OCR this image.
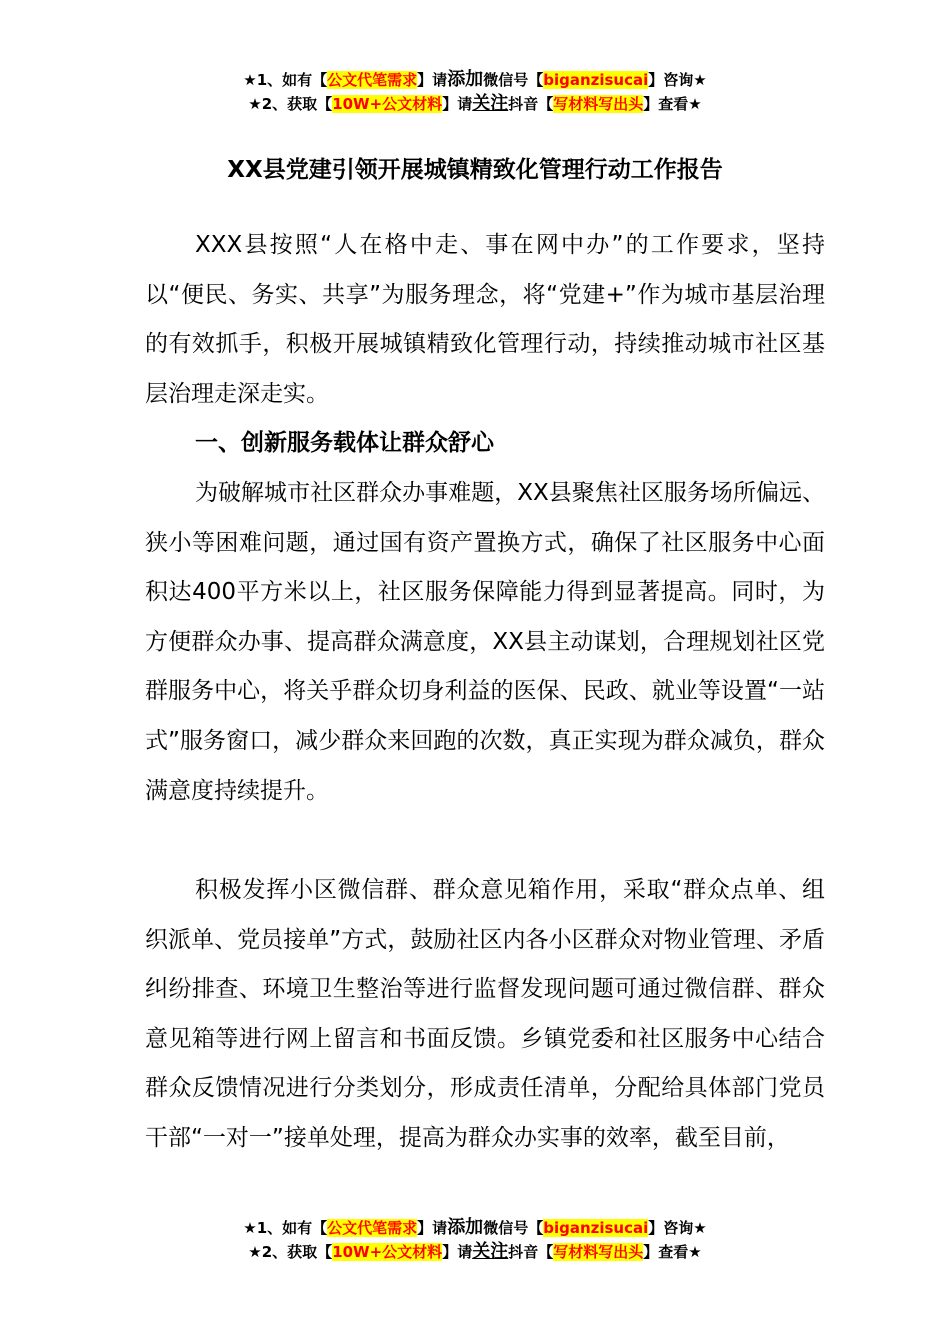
★1、如有【公文代笔需求】请添加微信号【biganzisucai】咨询★
★2、获取【10W+公文材料】请关注抖音【写材料写出头】查看★
XX县党建引领开展城镇精致化管理行动工作报告

XXX县按照“人在格中走、事在网中办”的工作要求，坚持以“便民、务实、共享”为服务理念，将“党建+”作为城市基层治理的有效抓手，积极开展城镇精致化管理行动，持续推动城市社区基层治理走深走实。

一、创新服务载体让群众舒心

为破解城市社区群众办事难题，XX县聚焦社区服务场所偏远、狭小等困难问题，通过国有资产置换方式，确保了社区服务中心面积达400平方米以上，社区服务保障能力得到显著提高。同时，为方便群众办事、提高群众满意度，XX县主动谋划，合理规划社区党群服务中心，将关乎群众切身利益的医保、民政、就业等设置“一站式”服务窗口，减少群众来回跑的次数，真正实现为群众减负，群众满意度持续提升。

积极发挥小区微信群、群众意见箱作用，采取“群众点单、组织派单、党员接单”方式，鼓励社区内各小区群众对物业管理、矛盾纠纷排查、环境卫生整治等进行监督发现问题可通过微信群、群众意见箱等进行网上留言和书面反馈。乡镇党委和社区服务中心结合群众反馈情况进行分类划分，形成责任清单，分配给具体部门党员干部“一对一”接单处理，提高为群众办实事的效率，截至目前，

★1、如有【公文代笔需求】请添加微信号【biganzisucai】咨询★
★2、获取【10W+公文材料】请关注抖音【写材料写出头】查看★
